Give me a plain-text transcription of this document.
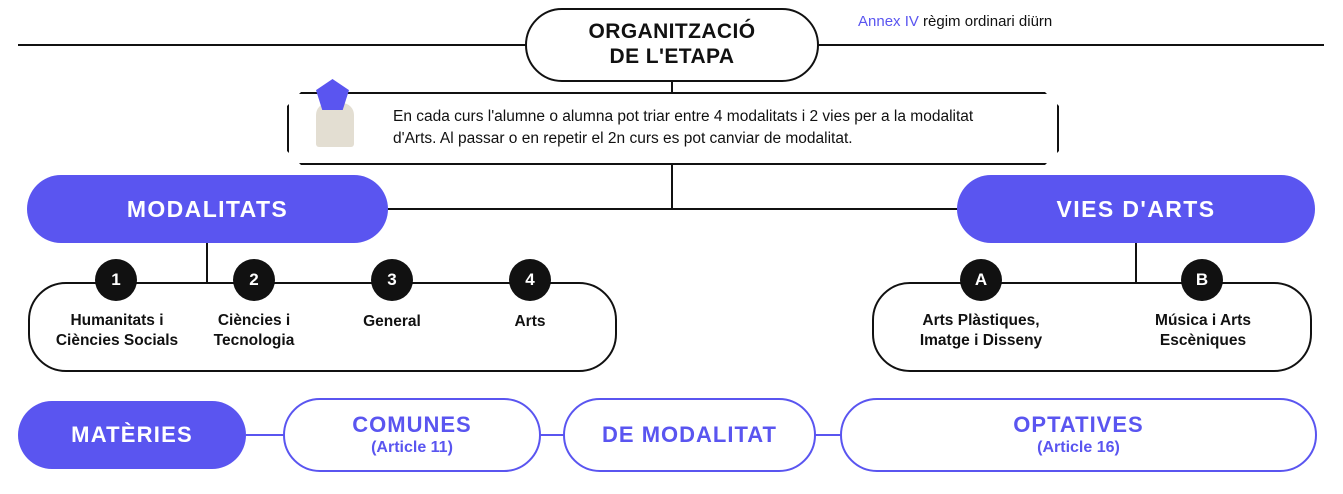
ORGANITZACIÓ
DE L'ETAPA
Annex IV règim ordinari diürn
En cada curs l'alumne o alumna pot triar entre 4 modalitats i 2 vies per a la modalitat d'Arts. Al passar o en repetir el 2n curs es pot canviar de modalitat.
MODALITATS	VIES D'ARTS
1
Humanitats i
Ciències Socials
2
Ciències i
Tecnologia
3
General
4
Arts
A
Arts Plàstiques,
Imatge i Disseny
B
Música i Arts
Escèniques
MATÈRIES	COMUNES
(Article 11)
DE MODALITAT	OPTATIVES
(Article 16)
